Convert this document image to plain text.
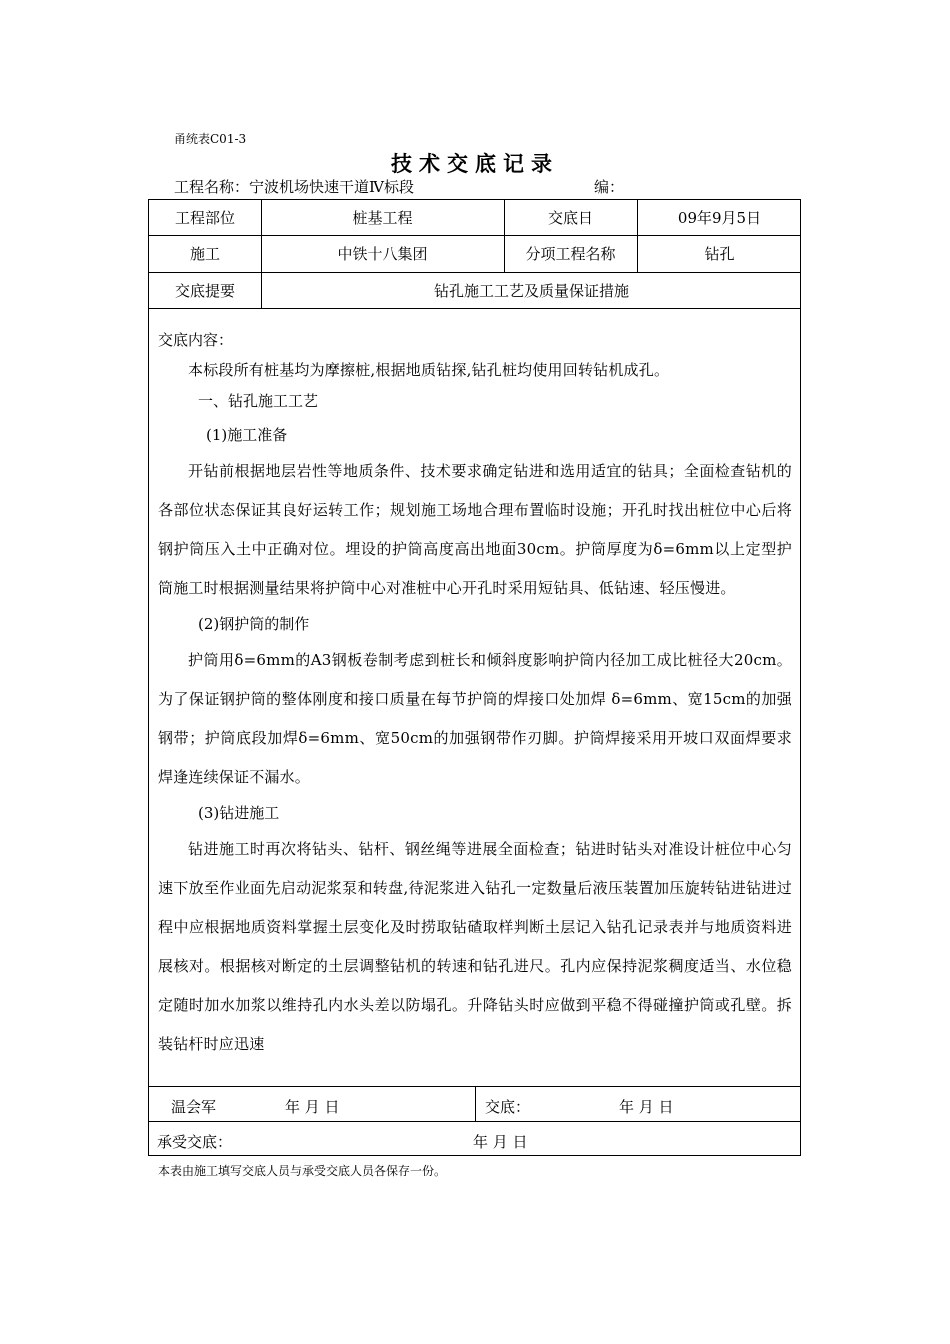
甬统表C01-3
技术交底记录
工程名称：宁波机场快速干道Ⅳ标段	编：
工程部位	桩基工程	交底日	09年9月5日
施工	中铁十八集团	分项工程名称	钻孔
交底提要	钻孔施工工艺及质量保证措施
交底内容：
本标段所有桩基均为摩擦桩,根据地质钻探,钻孔桩均使用回转钻机成孔。
一、钻孔施工工艺
(1)施工准备
开钻前根据地层岩性等地质条件、技术要求确定钻进和选用适宜的钻具；全面检查钻机的各部位状态保证其良好运转工作；规划施工场地合理布置临时设施；开孔时找出桩位中心后将钢护筒压入土中正确对位。埋设的护筒高度高出地面30cm。护筒厚度为δ=6mm以上定型护筒施工时根据测量结果将护筒中心对准桩中心开孔时采用短钻具、低钻速、轻压慢进。
(2)钢护筒的制作
护筒用δ=6mm的A3钢板卷制考虑到桩长和倾斜度影响护筒内径加工成比桩径大20cm。为了保证钢护筒的整体刚度和接口质量在每节护筒的焊接口处加焊 δ=6mm、宽15cm的加强钢带；护筒底段加焊δ=6mm、宽50cm的加强钢带作刃脚。护筒焊接采用开坡口双面焊要求焊逢连续保证不漏水。
(3)钻进施工
钻进施工时再次将钻头、钻杆、钢丝绳等进展全面检查；钻进时钻头对准设计桩位中心匀速下放至作业面先启动泥浆泵和转盘,待泥浆进入钻孔一定数量后液压装置加压旋转钻进钻进过程中应根据地质资料掌握土层变化及时捞取钻碴取样判断土层记入钻孔记录表并与地质资料进展核对。根据核对断定的土层调整钻机的转速和钻孔进尺。孔内应保持泥浆稠度适当、水位稳定随时加水加浆以维持孔内水头差以防塌孔。升降钻头时应做到平稳不得碰撞护筒或孔壁。拆装钻杆时应迅速
温会军	年 月 日	交底：	年 月 日
承受交底：	年 月 日
本表由施工填写交底人员与承受交底人员各保存一份。
